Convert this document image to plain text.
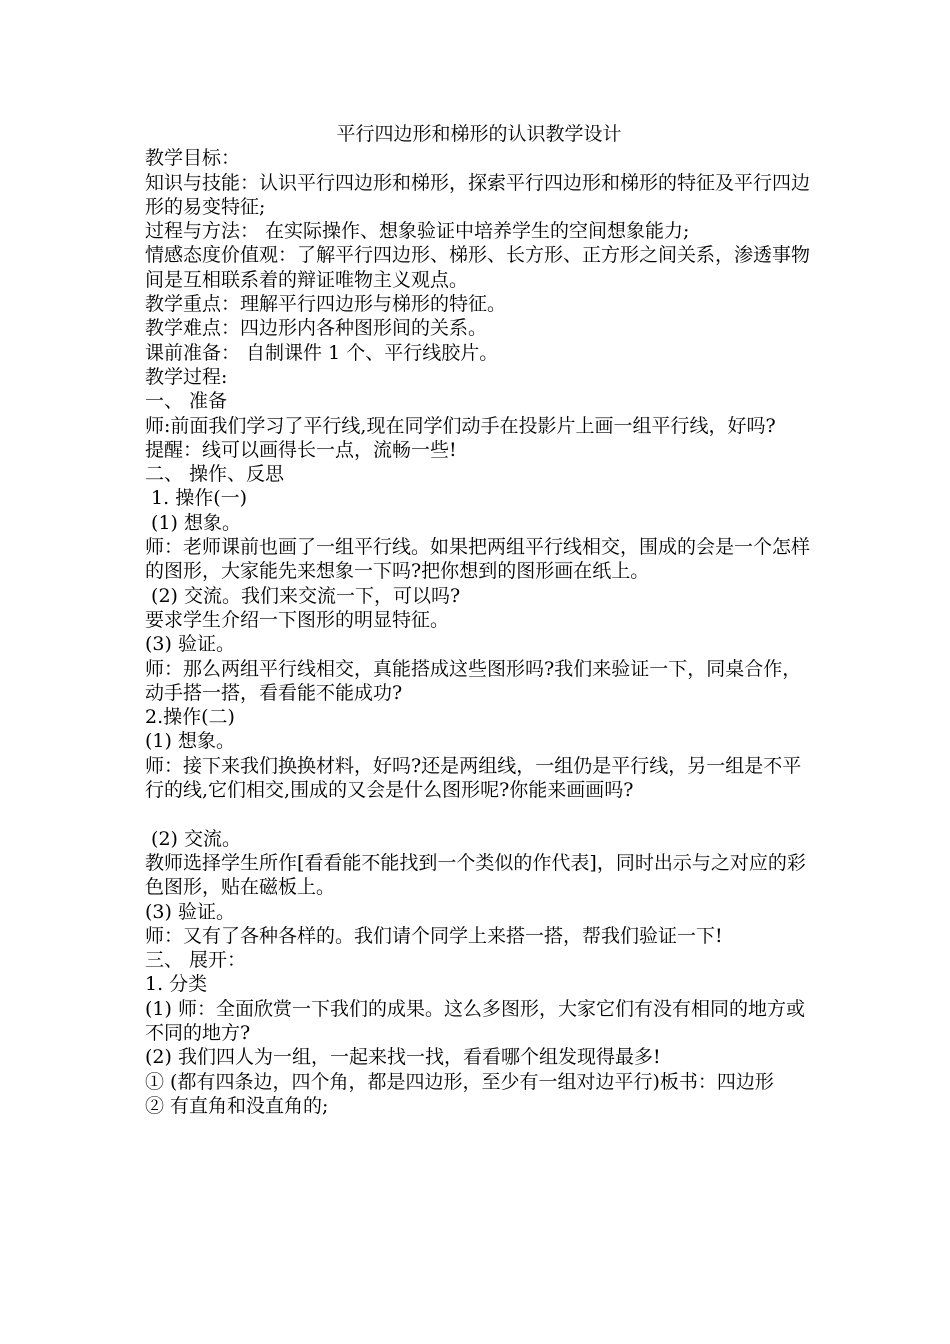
平行四边形和梯形的认识教学设计

教学目标：

知识与技能：认识平行四边形和梯形，探索平行四边形和梯形的特征及平行四边形的易变特征;

过程与方法： 在实际操作、想象验证中培养学生的空间想象能力;

情感态度价值观：了解平行四边形、梯形、长方形、正方形之间关系，渗透事物间是互相联系着的辩证唯物主义观点。

教学重点：理解平行四边形与梯形的特征。

教学难点：四边形内各种图形间的关系。

课前准备： 自制课件 1 个、平行线胶片。

教学过程:

一、 准备

师:前面我们学习了平行线,现在同学们动手在投影片上画一组平行线，好吗?

提醒：线可以画得长一点，流畅一些!

二、 操作、反思

1. 操作(一)

(1) 想象。

师：老师课前也画了一组平行线。如果把两组平行线相交，围成的会是一个怎样的图形，大家能先来想象一下吗?把你想到的图形画在纸上。

(2) 交流。我们来交流一下，可以吗?

要求学生介绍一下图形的明显特征。

(3) 验证。

师：那么两组平行线相交，真能搭成这些图形吗?我们来验证一下，同桌合作，动手搭一搭，看看能不能成功?

2.操作(二)

(1) 想象。

师：接下来我们换换材料，好吗?还是两组线，一组仍是平行线，另一组是不平行的线,它们相交,围成的又会是什么图形呢?你能来画画吗?

(2) 交流。

教师选择学生所作[看看能不能找到一个类似的作代表]，同时出示与之对应的彩色图形，贴在磁板上。

(3) 验证。

师：又有了各种各样的。我们请个同学上来搭一搭，帮我们验证一下!

三、 展开：

1. 分类

(1) 师：全面欣赏一下我们的成果。这么多图形，大家它们有没有相同的地方或不同的地方?

(2) 我们四人为一组，一起来找一找，看看哪个组发现得最多!

① (都有四条边，四个角，都是四边形，至少有一组对边平行)板书：四边形

② 有直角和没直角的;
